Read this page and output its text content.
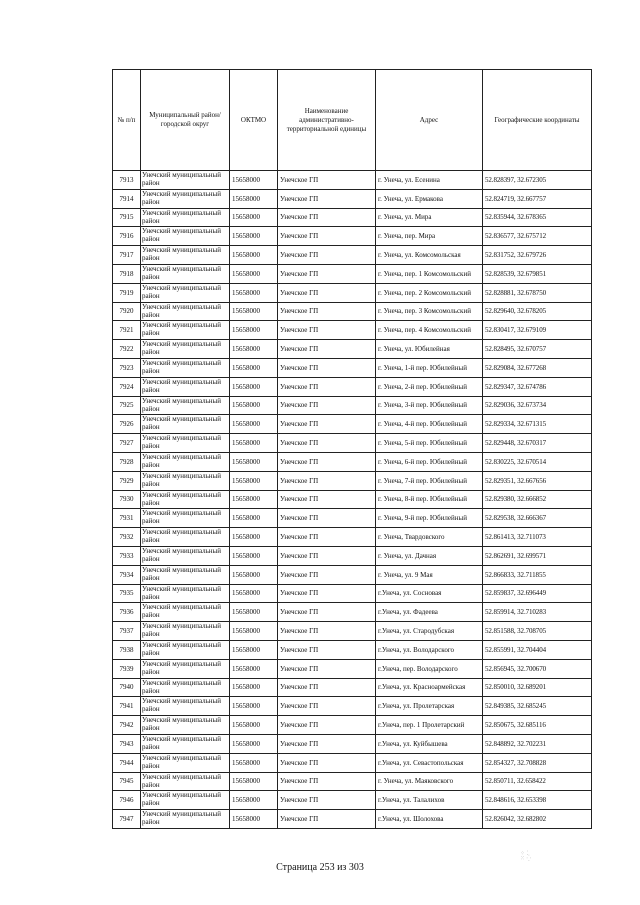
№ п/п	Муниципальный район/городской округ	ОКТМО	Наименование административно-территориальной единицы	Адрес	Географические координаты
7913	Унечский муниципальный район	15658000	Унечское ГП	г. Унеча, ул. Есенина	52.828397, 32.672305
7914	Унечский муниципальный район	15658000	Унечское ГП	г. Унеча, ул. Ермакова	52.824719, 32.667757
7915	Унечский муниципальный район	15658000	Унечское ГП	г. Унеча, ул. Мира	52.835944, 32.678365
7916	Унечский муниципальный район	15658000	Унечское ГП	г. Унеча, пер. Мира	52.836577, 32.675712
7917	Унечский муниципальный район	15658000	Унечское ГП	г. Унеча, ул. Комсомольская	52.831752, 32.679726
7918	Унечский муниципальный район	15658000	Унечское ГП	г. Унеча, пер. 1 Комсомольский	52.828539, 32.679851
7919	Унечский муниципальный район	15658000	Унечское ГП	г. Унеча, пер. 2 Комсомольский	52.828881, 32.678750
7920	Унечский муниципальный район	15658000	Унечское ГП	г. Унеча, пер. 3 Комсомольский	52.829640, 32.678205
7921	Унечский муниципальный район	15658000	Унечское ГП	г. Унеча, пер. 4 Комсомольский	52.830417, 32.679109
7922	Унечский муниципальный район	15658000	Унечское ГП	г. Унеча, ул. Юбилейная	52.828495, 32.670757
7923	Унечский муниципальный район	15658000	Унечское ГП	г. Унеча, 1-й пер. Юбилейный	52.829084, 32.677268
7924	Унечский муниципальный район	15658000	Унечское ГП	г. Унеча, 2-й пер. Юбилейный	52.829347, 32.674786
7925	Унечский муниципальный район	15658000	Унечское ГП	г. Унеча, 3-й пер. Юбилейный	52.829036, 32.673734
7926	Унечский муниципальный район	15658000	Унечское ГП	г. Унеча, 4-й пер. Юбилейный	52.829334, 32.671315
7927	Унечский муниципальный район	15658000	Унечское ГП	г. Унеча, 5-й пер. Юбилейный	52.829448, 32.670317
7928	Унечский муниципальный район	15658000	Унечское ГП	г. Унеча, 6-й пер. Юбилейный	52.830225, 32.670514
7929	Унечский муниципальный район	15658000	Унечское ГП	г. Унеча, 7-й пер. Юбилейный	52.829351, 32.667656
7930	Унечский муниципальный район	15658000	Унечское ГП	г. Унеча, 8-й пер. Юбилейный	52.829380, 32.666852
7931	Унечский муниципальный район	15658000	Унечское ГП	г. Унеча, 9-й пер. Юбилейный	52.829538, 32.666367
7932	Унечский муниципальный район	15658000	Унечское ГП	г. Унеча, Твардовского	52.861413, 32.711073
7933	Унечский муниципальный район	15658000	Унечское ГП	г. Унеча, ул. Дачная	52.862691, 32.699571
7934	Унечский муниципальный район	15658000	Унечское ГП	г. Унеча, ул. 9 Мая	52.866833, 32.711855
7935	Унечский муниципальный район	15658000	Унечское ГП	г.Унеча, ул. Сосновая	52.859837, 32.696449
7936	Унечский муниципальный район	15658000	Унечское ГП	г.Унеча, ул. Фадеева	52.859914, 32.710283
7937	Унечский муниципальный район	15658000	Унечское ГП	г.Унеча, ул. Стародубская	52.851588, 32.708705
7938	Унечский муниципальный район	15658000	Унечское ГП	г.Унеча, ул. Володарского	52.855991, 32.704404
7939	Унечский муниципальный район	15658000	Унечское ГП	г.Унеча, пер. Володарского	52.856945, 32.700670
7940	Унечский муниципальный район	15658000	Унечское ГП	г.Унеча, ул. Красноармейская	52.850010, 32.689201
7941	Унечский муниципальный район	15658000	Унечское ГП	г.Унеча, ул. Пролетарская	52.849385, 32.685245
7942	Унечский муниципальный район	15658000	Унечское ГП	г.Унеча, пер. 1 Пролетарский	52.850675, 32.685116
7943	Унечский муниципальный район	15658000	Унечское ГП	г.Унеча, ул. Куйбышева	52.848892, 32.702231
7944	Унечский муниципальный район	15658000	Унечское ГП	г.Унеча, ул. Севастопольская	52.854327, 32.708828
7945	Унечский муниципальный район	15658000	Унечское ГП	г. Унеча, ул. Маяковского	52.850711, 32.658422
7946	Унечский муниципальный район	15658000	Унечское ГП	г.Унеча, ул. Талалихов	52.848616, 32.653398
7947	Унечский муниципальный район	15658000	Унечское ГП	г.Унеча, ул. Шолохова	52.826042, 32.682802
Страница 253 из 303
⁘ ⁚
⁙ ⁛
